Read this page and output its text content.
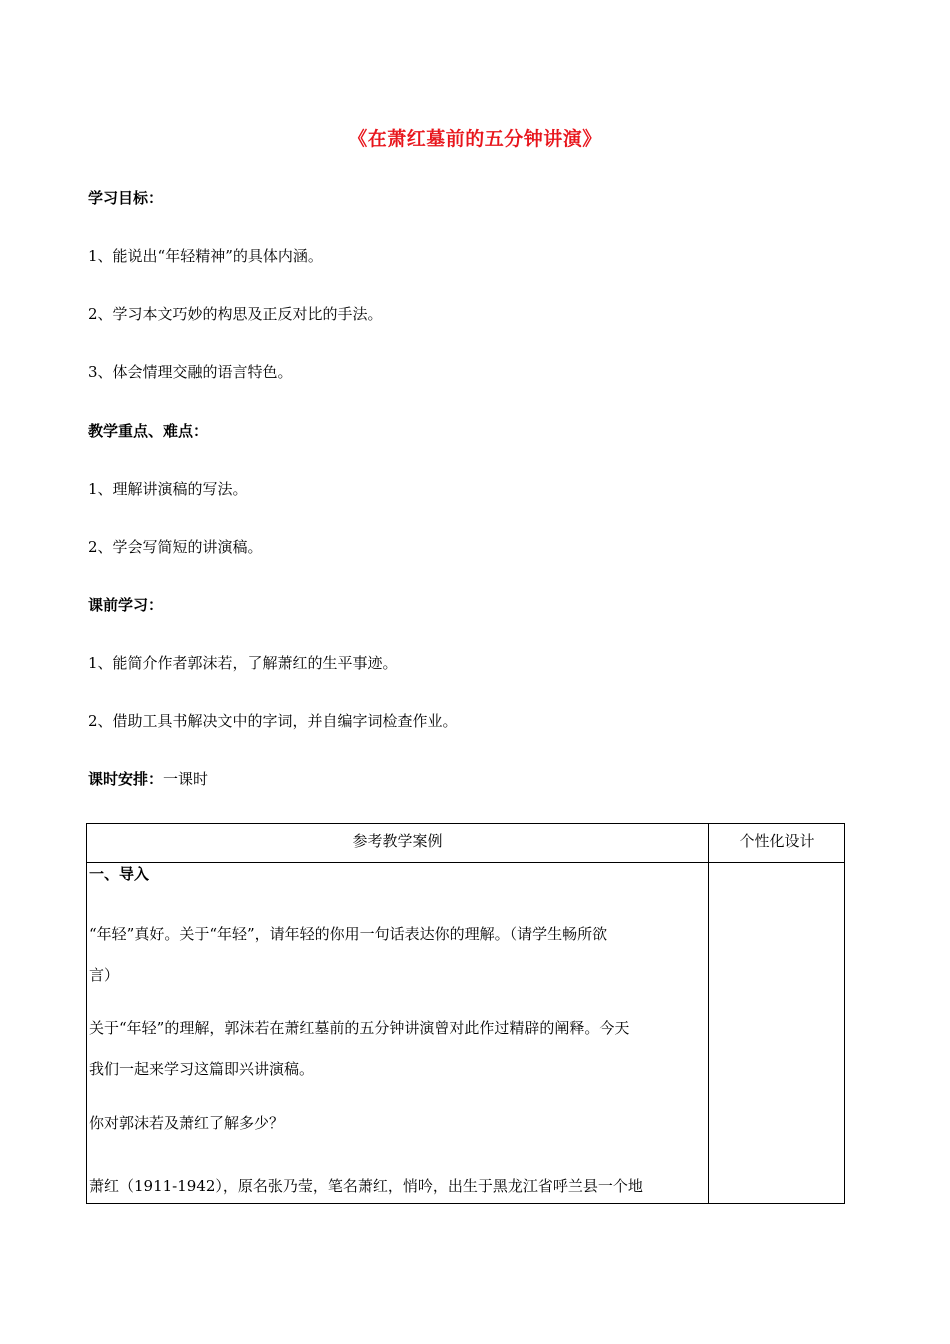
《在萧红墓前的五分钟讲演》
学习目标：
1、能说出“年轻精神”的具体内涵。
2、学习本文巧妙的构思及正反对比的手法。
3、体会情理交融的语言特色。
教学重点、难点：
1、理解讲演稿的写法。
2、学会写简短的讲演稿。
课前学习：
1、能简介作者郭沫若，了解萧红的生平事迹。
2、借助工具书解决文中的字词，并自编字词检查作业。
课时安排：一课时
参考教学案例	个性化设计
一、导入
“年轻”真好。关于“年轻”，请年轻的你用一句话表达你的理解。（请学生畅所欲
言）
关于“年轻”的理解，郭沫若在萧红墓前的五分钟讲演曾对此作过精辟的阐释。今天
我们一起来学习这篇即兴讲演稿。
你对郭沫若及萧红了解多少？
萧红（1911-1942），原名张乃莹，笔名萧红，悄吟，出生于黑龙江省呼兰县一个地
